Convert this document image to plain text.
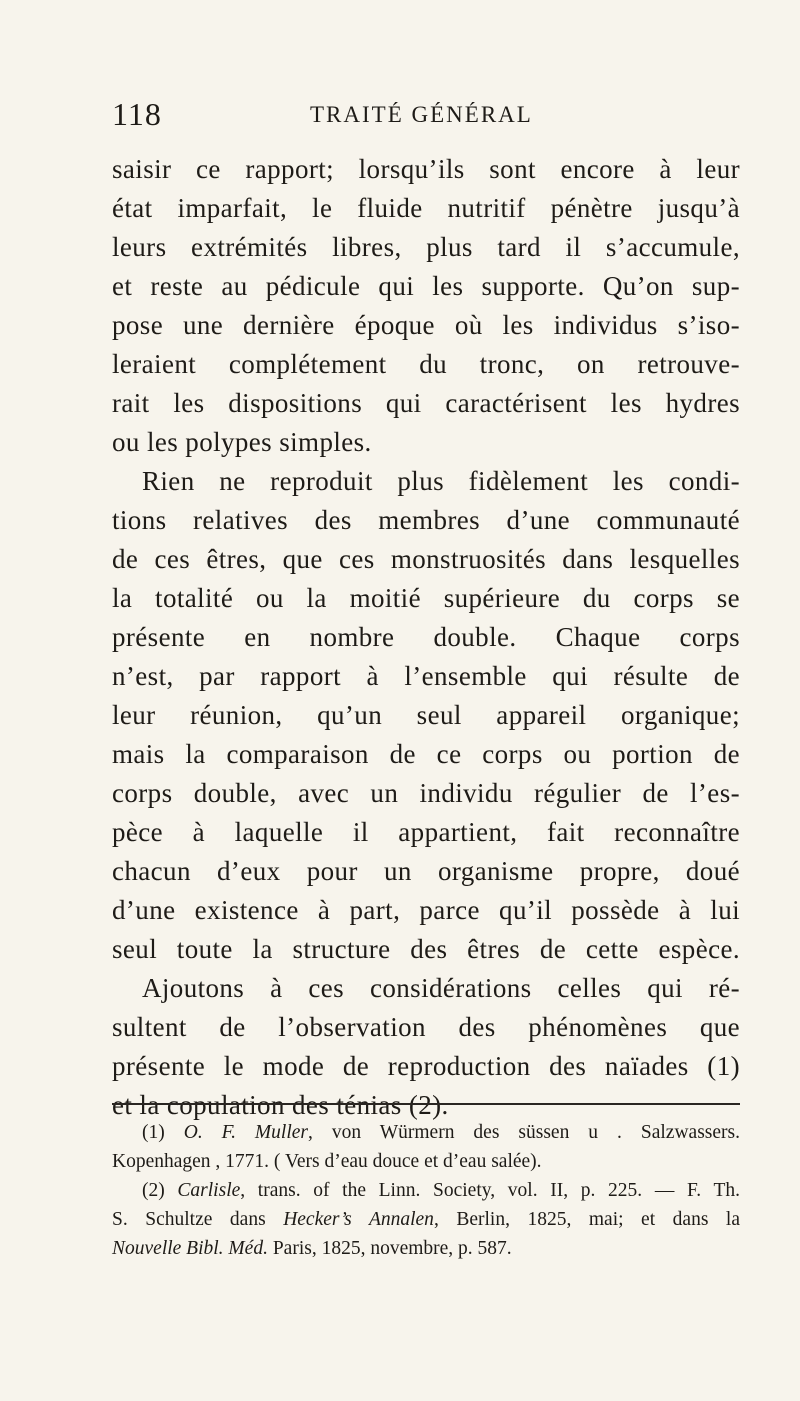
118	TRAITÉ GÉNÉRAL
saisir ce rapport; lorsqu’ils sont encore à leur
état imparfait, le fluide nutritif pénètre jusqu’à
leurs extrémités libres, plus tard il s’accumule,
et reste au pédicule qui les supporte. Qu’on sup-
pose une dernière époque où les individus s’iso-
leraient complétement du tronc, on retrouve-
rait les dispositions qui caractérisent les hydres
ou les polypes simples.
Rien ne reproduit plus fidèlement les condi-
tions relatives des membres d’une communauté
de ces êtres, que ces monstruosités dans lesquelles
la totalité ou la moitié supérieure du corps se
présente en nombre double. Chaque corps
n’est, par rapport à l’ensemble qui résulte de
leur réunion, qu’un seul appareil organique;
mais la comparaison de ce corps ou portion de
corps double, avec un individu régulier de l’es-
pèce à laquelle il appartient, fait reconnaître
chacun d’eux pour un organisme propre, doué
d’une existence à part, parce qu’il possède à lui
seul toute la structure des êtres de cette espèce.
Ajoutons à ces considérations celles qui ré-
sultent de l’observation des phénomènes que
présente le mode de reproduction des naïades (1)
et la copulation des ténias (2).
(1) O. F. Muller, von Würmern des süssen u . Salzwassers.
Kopenhagen , 1771. ( Vers d’eau douce et d’eau salée).
(2) Carlisle, trans. of the Linn. Society, vol. II, p. 225. — F. Th.
S. Schultze dans Hecker’s Annalen, Berlin, 1825, mai; et dans la
Nouvelle Bibl. Méd. Paris, 1825, novembre, p. 587.
